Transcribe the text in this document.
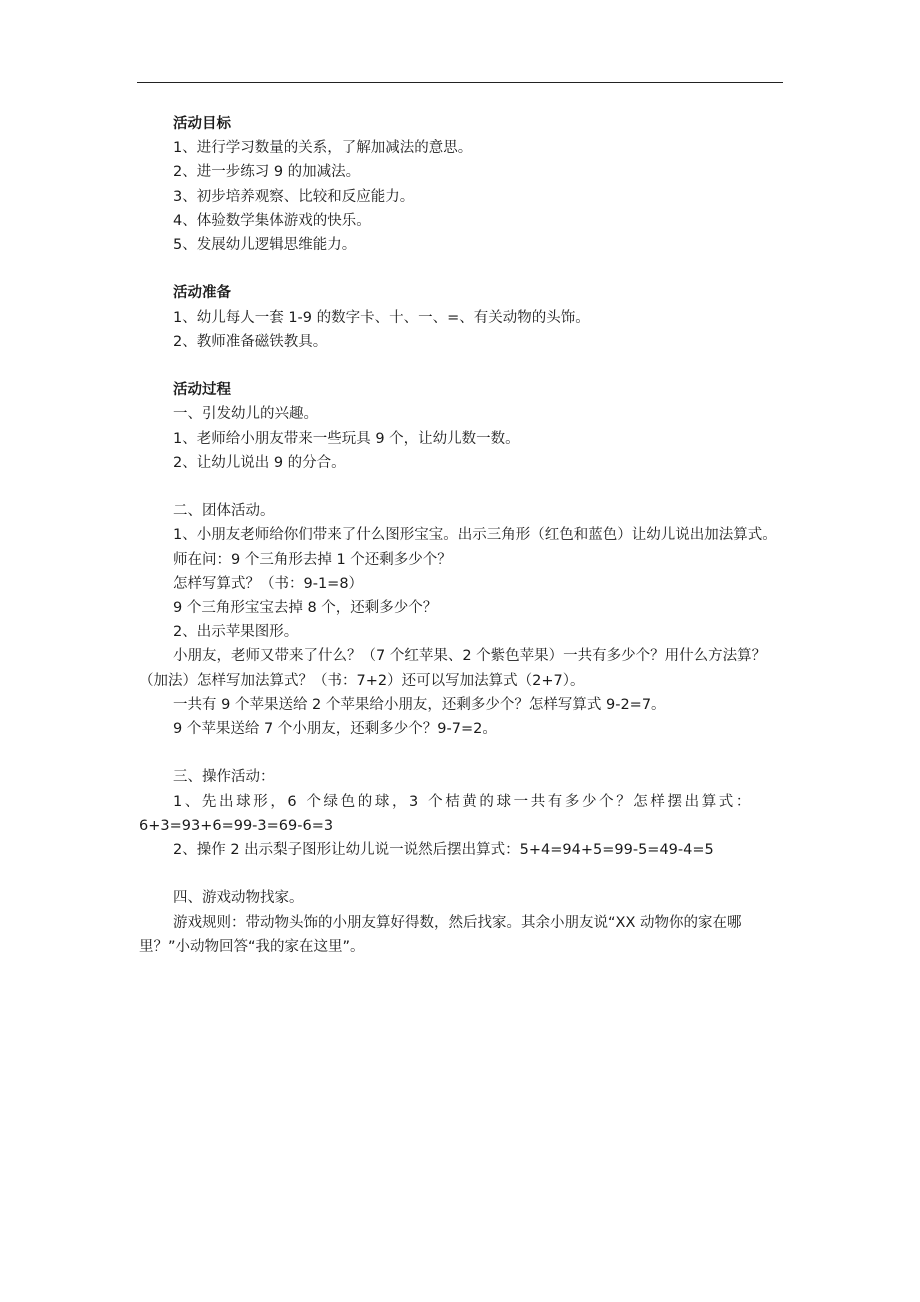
活动目标

1、进行学习数量的关系，了解加减法的意思。

2、进一步练习 9 的加减法。

3、初步培养观察、比较和反应能力。

4、体验数学集体游戏的快乐。

5、发展幼儿逻辑思维能力。

活动准备

1、幼儿每人一套 1-9 的数字卡、十、一、=、有关动物的头饰。

2、教师准备磁铁教具。

活动过程

一、引发幼儿的兴趣。

1、老师给小朋友带来一些玩具 9 个，让幼儿数一数。

2、让幼儿说出 9 的分合。

二、团体活动。

1、小朋友老师给你们带来了什么图形宝宝。出示三角形（红色和蓝色）让幼儿说出加法算式。

师在问：9 个三角形去掉 1 个还剩多少个？

怎样写算式？（书：9-1=8）

9 个三角形宝宝去掉 8 个，还剩多少个？

2、出示苹果图形。

小朋友，老师又带来了什么？（7 个红苹果、2 个紫色苹果）一共有多少个？用什么方法算？（加法）怎样写加法算式？（书：7+2）还可以写加法算式（2+7）。

一共有 9 个苹果送给 2 个苹果给小朋友，还剩多少个？怎样写算式 9-2=7。

9 个苹果送给 7 个小朋友，还剩多少个？9-7=2。

三、操作活动：

1、先出球形，6 个绿色的球，3 个桔黄的球一共有多少个？怎样摆出算式：

6+3=93+6=99-3=69-6=3

2、操作 2 出示梨子图形让幼儿说一说然后摆出算式：5+4=94+5=99-5=49-4=5

四、游戏动物找家。

游戏规则：带动物头饰的小朋友算好得数，然后找家。其余小朋友说“XX 动物你的家在哪里？”小动物回答“我的家在这里”。
